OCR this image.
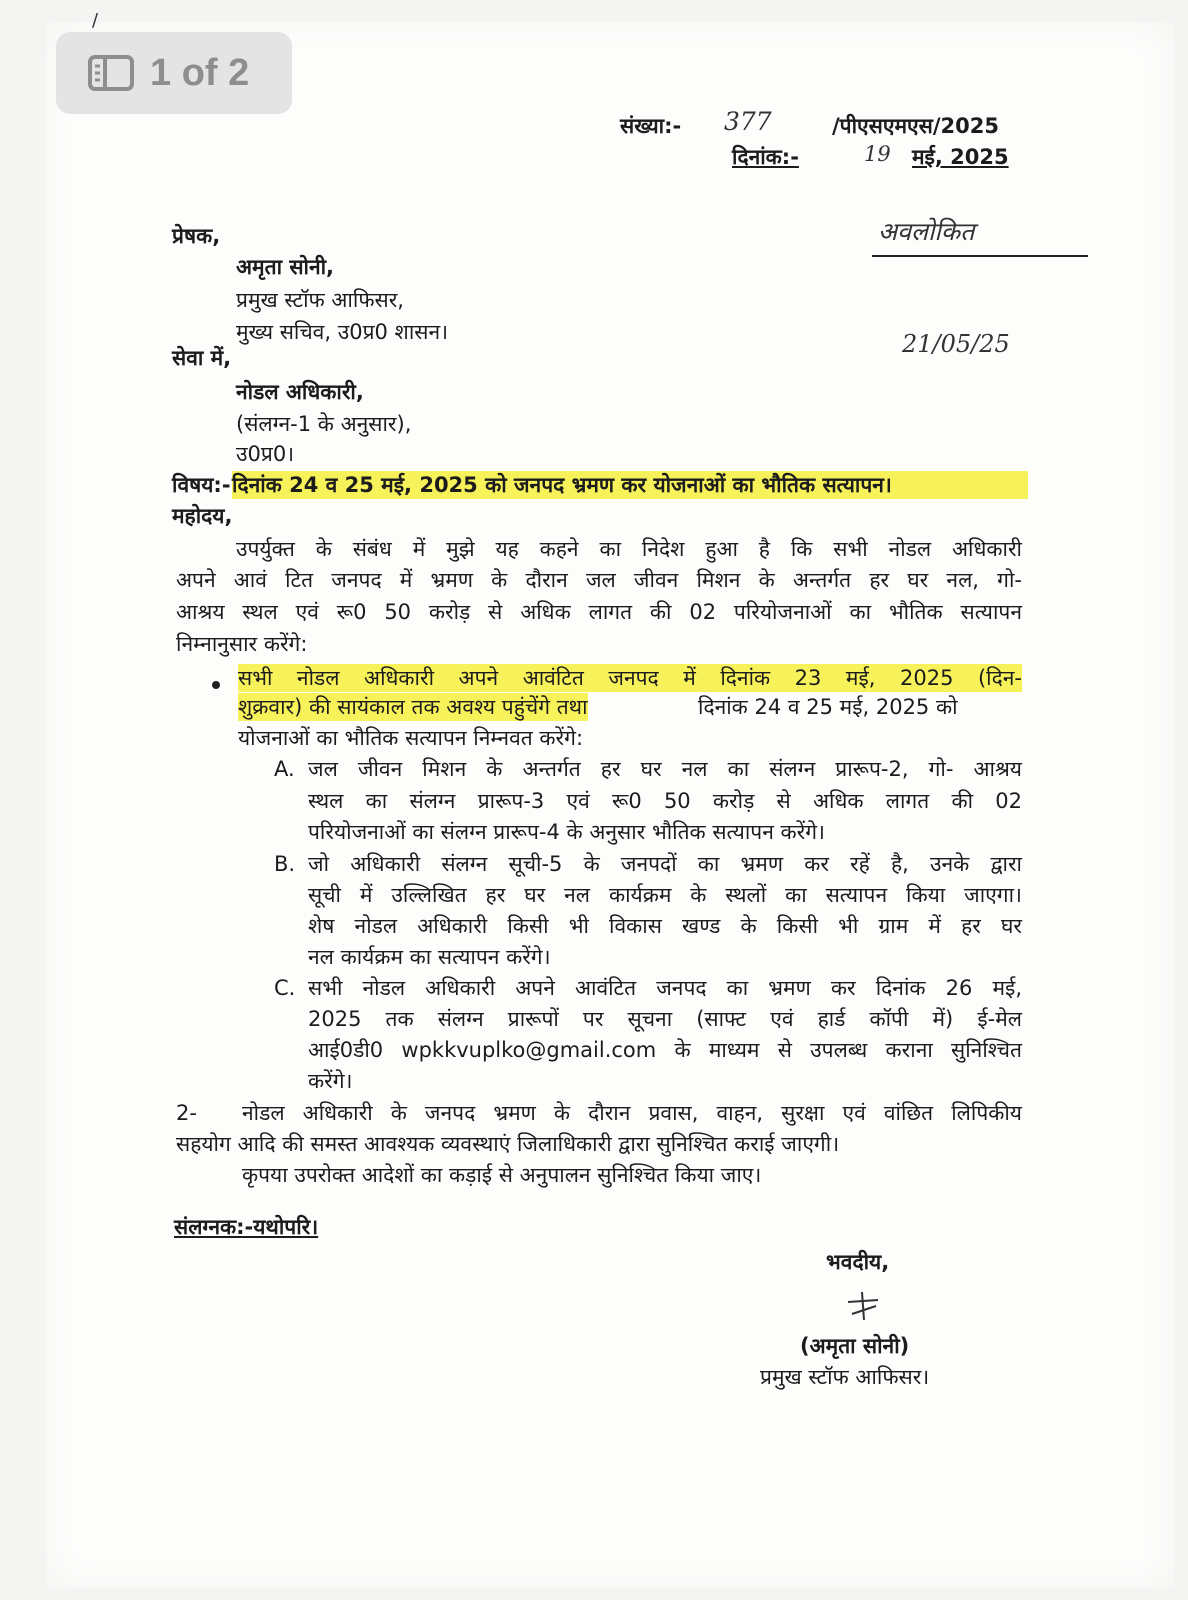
/
1 of 2
संख्या:- 377	/पीएसएमएस/2025
दिनांक:-	19 मई, 2025
अवलोकित
21/05/25
प्रेषक,
अमृता सोनी,
प्रमुख स्टॉफ आफिसर,
मुख्य सचिव, उ0प्र0 शासन।
सेवा में,
नोडल अधिकारी,
(संलग्न-1 के अनुसार),
उ0प्र0।
विषय:- दिनांक 24 व 25 मई, 2025 को जनपद भ्रमण कर योजनाओं का भौतिक सत्यापन।
महोदय,
उपर्युक्त के संबंध में मुझे यह कहने का निदेश हुआ है कि सभी नोडल अधिकारी
अपने आवं टित जनपद में भ्रमण के दौरान जल जीवन मिशन के अन्तर्गत हर घर नल, गो-
आश्रय स्थल एवं रू0 50 करोड़ से अधिक लागत की 02 परियोजनाओं का भौतिक सत्यापन
निम्नानुसार करेंगे:
सभी नोडल अधिकारी अपने आवंटित जनपद में दिनांक 23 मई, 2025 (दिन-
शुक्रवार) की सायंकाल तक अवश्य पहुंचेंगे तथा	दिनांक 24 व 25 मई, 2025 को
योजनाओं का भौतिक सत्यापन निम्नवत करेंगे:
A. जल जीवन मिशन के अन्तर्गत हर घर नल का संलग्न प्रारूप-2, गो- आश्रय
स्थल का संलग्न प्रारूप-3 एवं रू0 50 करोड़ से अधिक लागत की 02
परियोजनाओं का संलग्न प्रारूप-4 के अनुसार भौतिक सत्यापन करेंगे।
B. जो अधिकारी संलग्न सूची-5 के जनपदों का भ्रमण कर रहें है, उनके द्वारा
सूची में उल्लिखित हर घर नल कार्यक्रम के स्थलों का सत्यापन किया जाएगा।
शेष नोडल अधिकारी किसी भी विकास खण्ड के किसी भी ग्राम में हर घर
नल कार्यक्रम का सत्यापन करेंगे।
C. सभी नोडल अधिकारी अपने आवंटित जनपद का भ्रमण कर दिनांक 26 मई,
2025 तक संलग्न प्रारूपों पर सूचना (साफ्ट एवं हार्ड कॉपी में) ई-मेल
आई0डी0 wpkkvuplko@gmail.com के माध्यम से उपलब्ध कराना सुनिश्चित
करेंगे।
2- नोडल अधिकारी के जनपद भ्रमण के दौरान प्रवास, वाहन, सुरक्षा एवं वांछित लिपिकीय
सहयोग आदि की समस्त आवश्यक व्यवस्थाएं जिलाधिकारी द्वारा सुनिश्चित कराई जाएगी।
कृपया उपरोक्त आदेशों का कड़ाई से अनुपालन सुनिश्चित किया जाए।
संलग्नक:-यथोपरि।
भवदीय,
(अमृता सोनी)
प्रमुख स्टॉफ आफिसर।
